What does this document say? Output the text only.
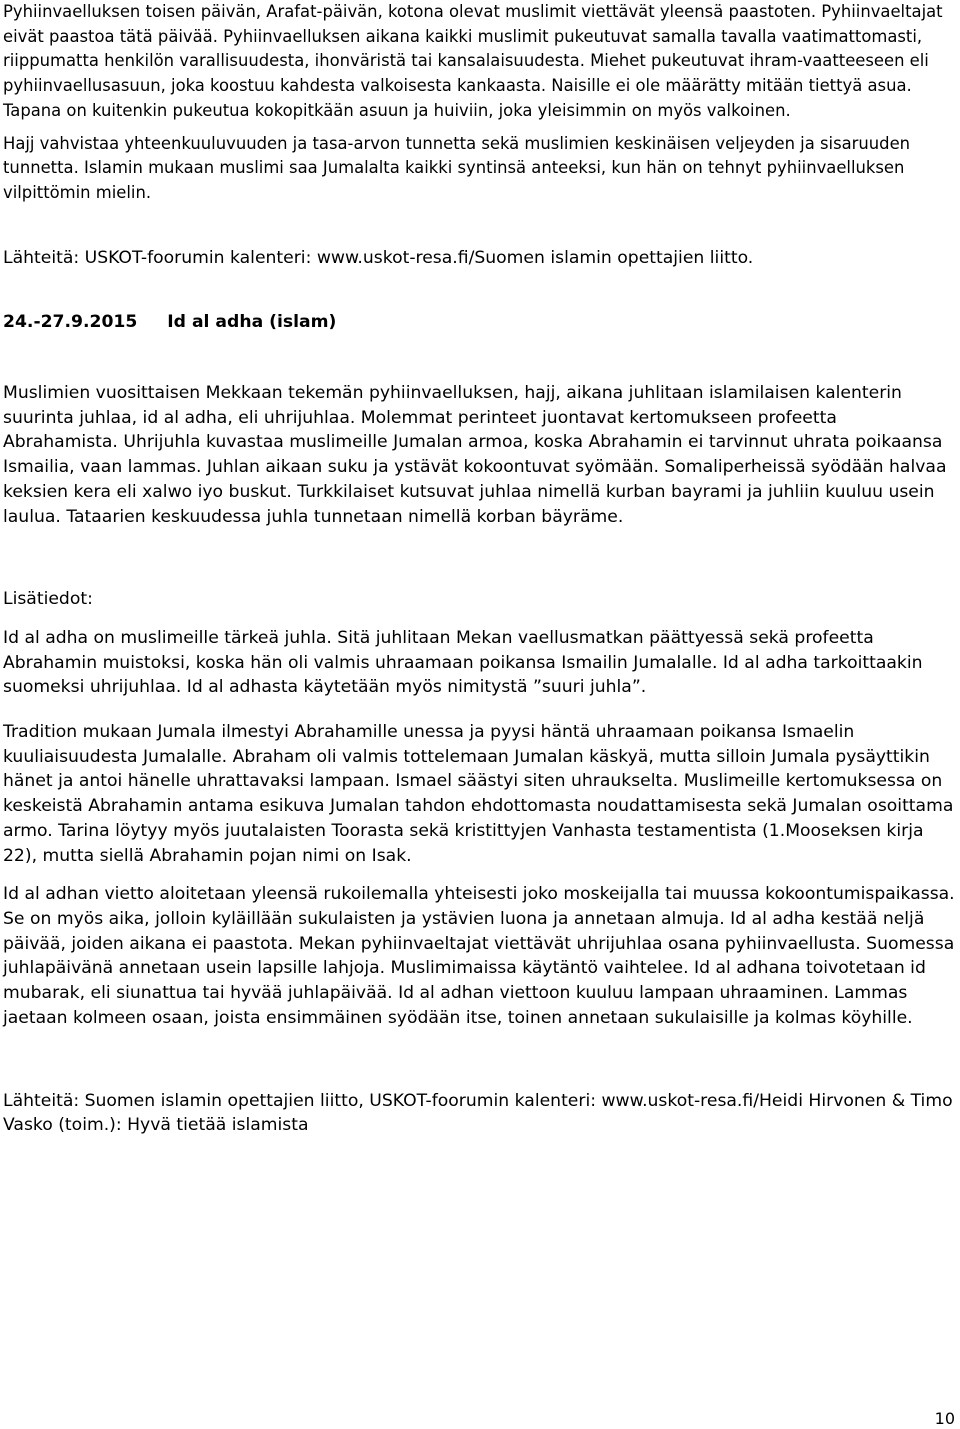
Pyhiinvaelluksen toisen päivän, Arafat-päivän, kotona olevat muslimit viettävät yleensä paastoten. Pyhiinvaeltajat eivät paastoa tätä päivää. Pyhiinvaelluksen aikana kaikki muslimit pukeutuvat samalla tavalla vaatimattomasti, riippumatta henkilön varallisuudesta, ihonväristä tai kansalaisuudesta. Miehet pukeutuvat ihram-vaatteeseen eli pyhiinvaellusasuun, joka koostuu kahdesta valkoisesta kankaasta. Naisille ei ole määrätty mitään tiettyä asua. Tapana on kuitenkin pukeutua kokopitkään asuun ja huiviin, joka yleisimmin on myös valkoinen.

Hajj vahvistaa yhteenkuuluvuuden ja tasa-arvon tunnetta sekä muslimien keskinäisen veljeyden ja sisaruuden tunnetta. Islamin mukaan muslimi saa Jumalalta kaikki syntinsä anteeksi, kun hän on tehnyt pyhiinvaelluksen vilpittömin mielin.

Lähteitä: USKOT-foorumin kalenteri: www.uskot-resa.fi/Suomen islamin opettajien liitto.

24.-27.9.2015 Id al adha (islam)

Muslimien vuosittaisen Mekkaan tekemän pyhiinvaelluksen, hajj, aikana juhlitaan islamilaisen kalenterin suurinta juhlaa, id al adha, eli uhrijuhlaa. Molemmat perinteet juontavat kertomukseen profeetta Abrahamista. Uhrijuhla kuvastaa muslimeille Jumalan armoa, koska Abrahamin ei tarvinnut uhrata poikaansa Ismailia, vaan lammas. Juhlan aikaan suku ja ystävät kokoontuvat syömään. Somaliperheissä syödään halvaa keksien kera eli xalwo iyo buskut. Turkkilaiset kutsuvat juhlaa nimellä kurban bayrami ja juhliin kuuluu usein laulua. Tataarien keskuudessa juhla tunnetaan nimellä korban bäyräme.

Lisätiedot:

Id al adha on muslimeille tärkeä juhla. Sitä juhlitaan Mekan vaellusmatkan päättyessä sekä profeetta Abrahamin muistoksi, koska hän oli valmis uhraamaan poikansa Ismailin Jumalalle. Id al adha tarkoittaakin suomeksi uhrijuhlaa. Id al adhasta käytetään myös nimitystä ”suuri juhla”.

Tradition mukaan Jumala ilmestyi Abrahamille unessa ja pyysi häntä uhraamaan poikansa Ismaelin kuuliaisuudesta Jumalalle. Abraham oli valmis tottelemaan Jumalan käskyä, mutta silloin Jumala pysäyttikin hänet ja antoi hänelle uhrattavaksi lampaan. Ismael säästyi siten uhraukselta. Muslimeille kertomuksessa on keskeistä Abrahamin antama esikuva Jumalan tahdon ehdottomasta noudattamisesta sekä Jumalan osoittama armo. Tarina löytyy myös juutalaisten Toorasta sekä kristittyjen Vanhasta testamentista (1.Mooseksen kirja 22), mutta siellä Abrahamin pojan nimi on Isak.

Id al adhan vietto aloitetaan yleensä rukoilemalla yhteisesti joko moskeijalla tai muussa kokoontumispaikassa. Se on myös aika, jolloin kyläillään sukulaisten ja ystävien luona ja annetaan almuja. Id al adha kestää neljä päivää, joiden aikana ei paastota. Mekan pyhiinvaeltajat viettävät uhrijuhlaa osana pyhiinvaellusta. Suomessa juhlapäivänä annetaan usein lapsille lahjoja. Muslimimaissa käytäntö vaihtelee. Id al adhana toivotetaan id mubarak, eli siunattua tai hyvää juhlapäivää. Id al adhan viettoon kuuluu lampaan uhraaminen. Lammas jaetaan kolmeen osaan, joista ensimmäinen syödään itse, toinen annetaan sukulaisille ja kolmas köyhille.

Lähteitä: Suomen islamin opettajien liitto, USKOT-foorumin kalenteri: www.uskot-resa.fi/Heidi Hirvonen & Timo Vasko (toim.): Hyvä tietää islamista

10
